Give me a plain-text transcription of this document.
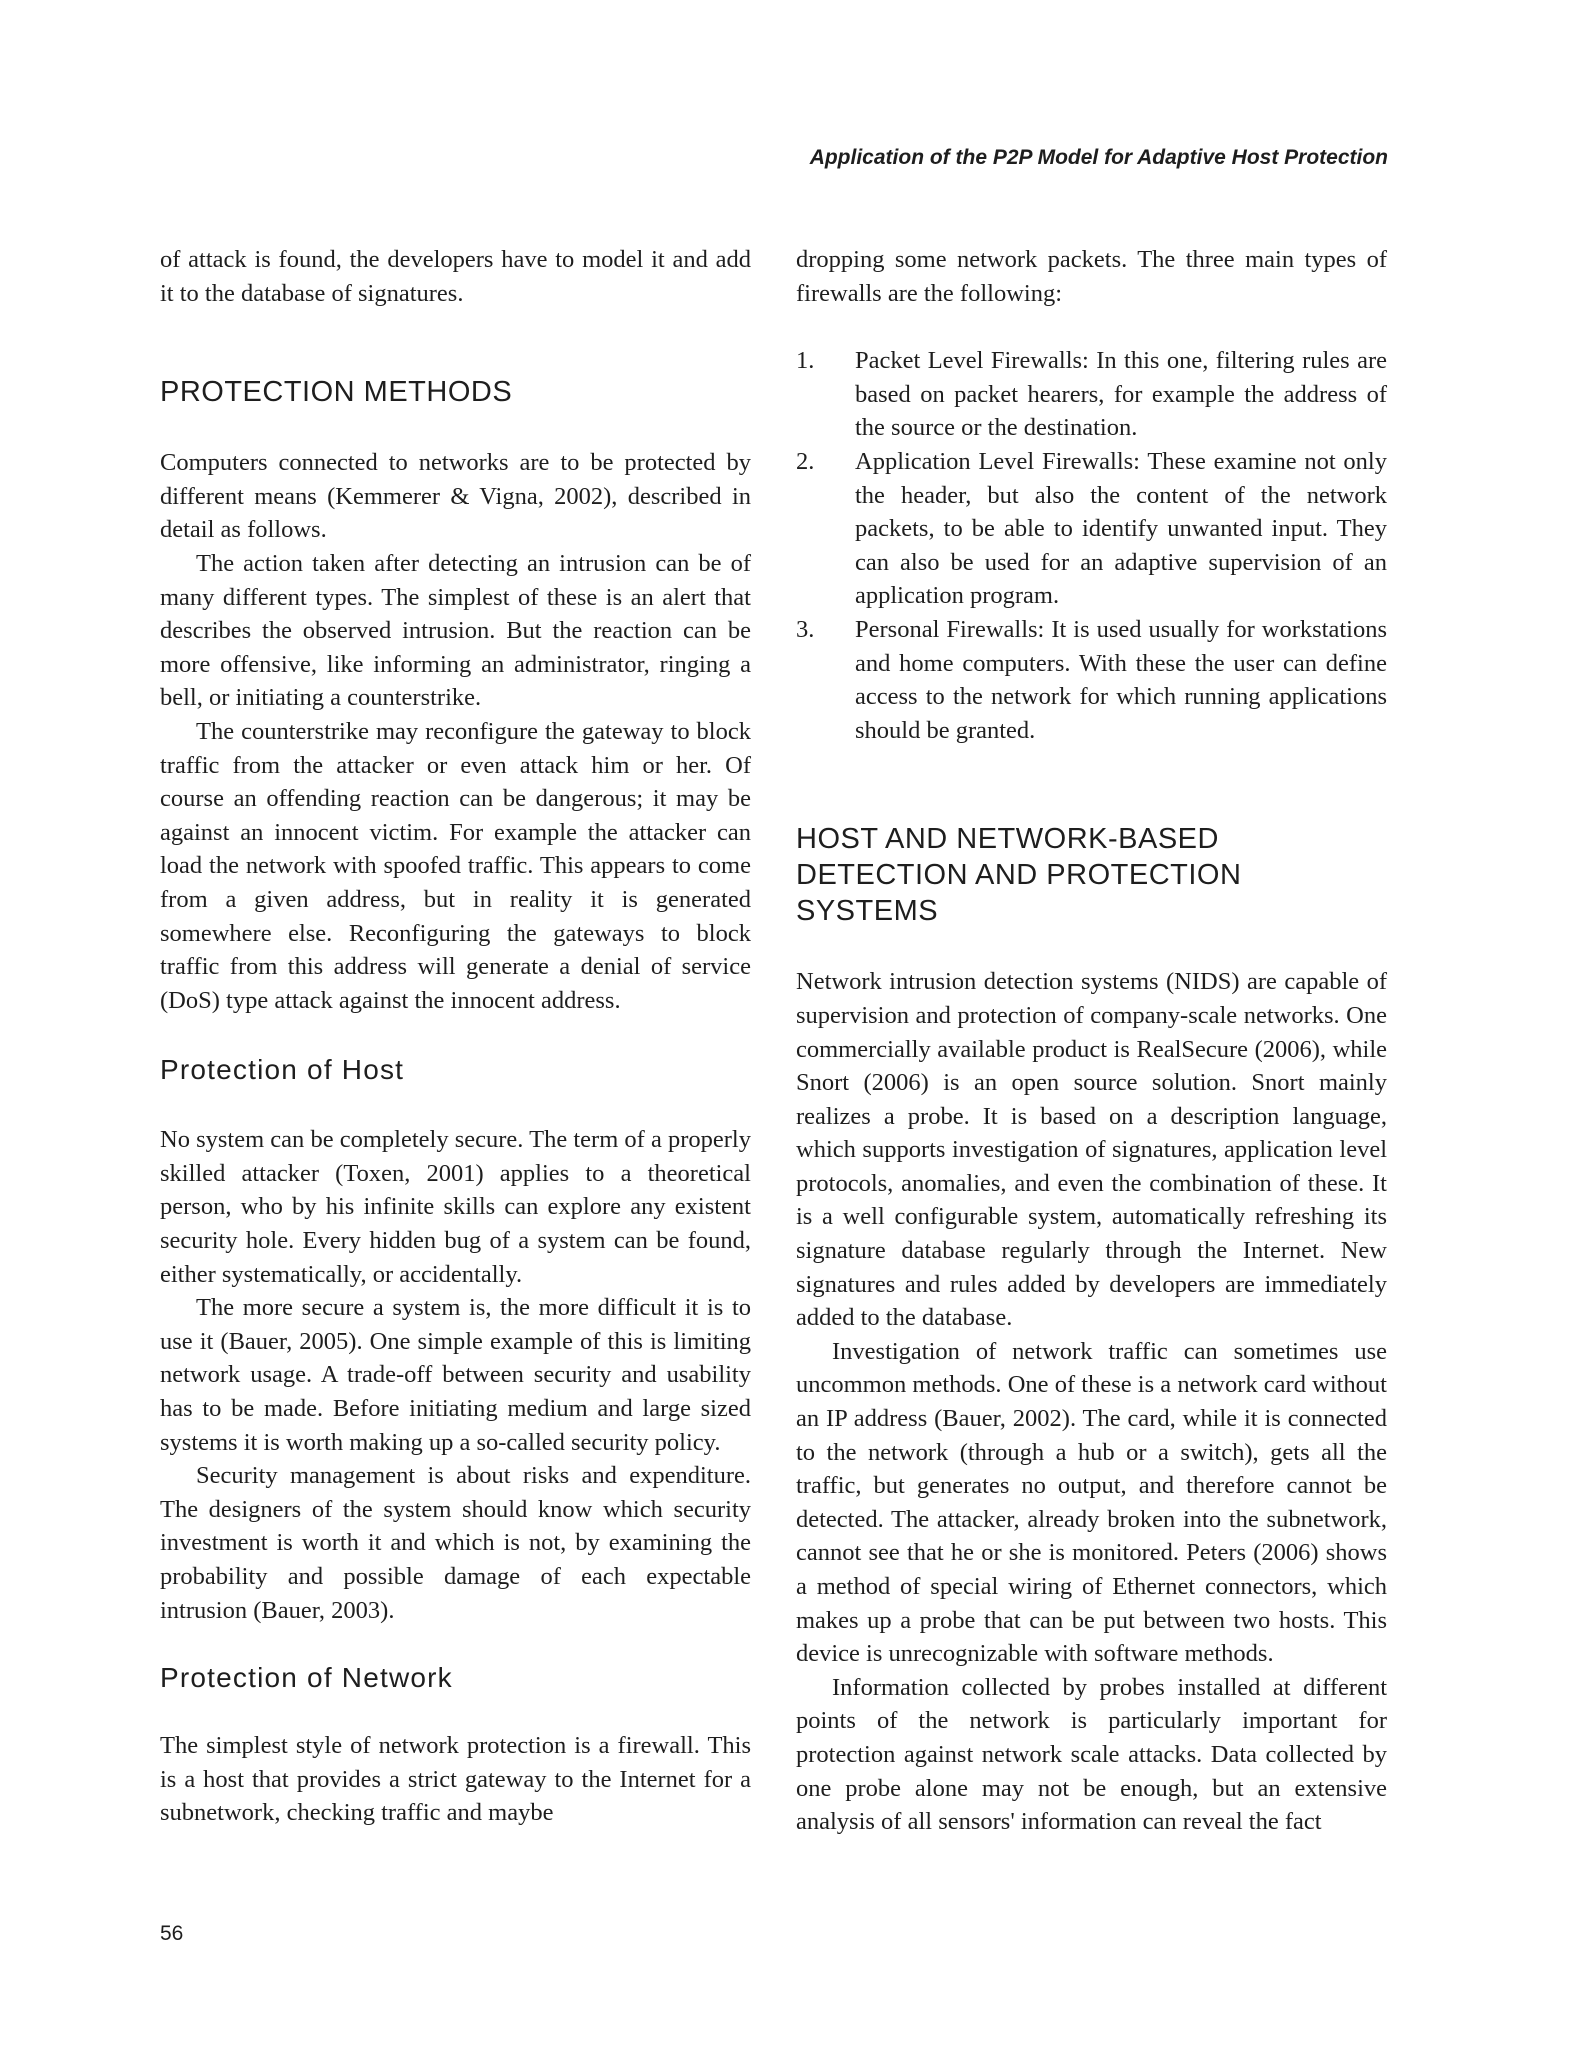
Application of the P2P Model for Adaptive Host Protection

of attack is found, the developers have to model it and add it to the database of signatures.

PROTECTION METHODS

Computers connected to networks are to be protected by different means (Kemmerer & Vigna, 2002), described in detail as follows.

The action taken after detecting an intrusion can be of many different types. The simplest of these is an alert that describes the observed intrusion. But the reaction can be more offensive, like informing an administrator, ringing a bell, or initiating a counterstrike.

The counterstrike may reconfigure the gateway to block traffic from the attacker or even attack him or her. Of course an offending reaction can be dangerous; it may be against an innocent victim. For example the attacker can load the network with spoofed traffic. This appears to come from a given address, but in reality it is generated somewhere else. Reconfiguring the gateways to block traffic from this address will generate a denial of service (DoS) type attack against the innocent address.

Protection of Host

No system can be completely secure. The term of a properly skilled attacker (Toxen, 2001) applies to a theoretical person, who by his infinite skills can explore any existent security hole. Every hidden bug of a system can be found, either systematically, or accidentally.

The more secure a system is, the more difficult it is to use it (Bauer, 2005). One simple example of this is limiting network usage. A trade-off between security and usability has to be made. Before initiating medium and large sized systems it is worth making up a so-called security policy.

Security management is about risks and expenditure. The designers of the system should know which security investment is worth it and which is not, by examining the probability and possible damage of each expectable intrusion (Bauer, 2003).

Protection of Network

The simplest style of network protection is a firewall. This is a host that provides a strict gateway to the Internet for a subnetwork, checking traffic and maybe

dropping some network packets. The three main types of firewalls are the following:

1. Packet Level Firewalls: In this one, filtering rules are based on packet hearers, for example the address of the source or the destination.
2. Application Level Firewalls: These examine not only the header, but also the content of the network packets, to be able to identify unwanted input. They can also be used for an adaptive supervision of an application program.
3. Personal Firewalls: It is used usually for workstations and home computers. With these the user can define access to the network for which running applications should be granted.
HOST AND NETWORK-BASED
DETECTION AND PROTECTION
SYSTEMS

Network intrusion detection systems (NIDS) are capable of supervision and protection of company-scale networks. One commercially available product is RealSecure (2006), while Snort (2006) is an open source solution. Snort mainly realizes a probe. It is based on a description language, which supports investigation of signatures, application level protocols, anomalies, and even the combination of these. It is a well configurable system, automatically refreshing its signature database regularly through the Internet. New signatures and rules added by developers are immediately added to the database.

Investigation of network traffic can sometimes use uncommon methods. One of these is a network card without an IP address (Bauer, 2002). The card, while it is connected to the network (through a hub or a switch), gets all the traffic, but generates no output, and therefore cannot be detected. The attacker, already broken into the subnetwork, cannot see that he or she is monitored. Peters (2006) shows a method of special wiring of Ethernet connectors, which makes up a probe that can be put between two hosts. This device is unrecognizable with software methods.

Information collected by probes installed at different points of the network is particularly important for protection against network scale attacks. Data collected by one probe alone may not be enough, but an extensive analysis of all sensors' information can reveal the fact

56
